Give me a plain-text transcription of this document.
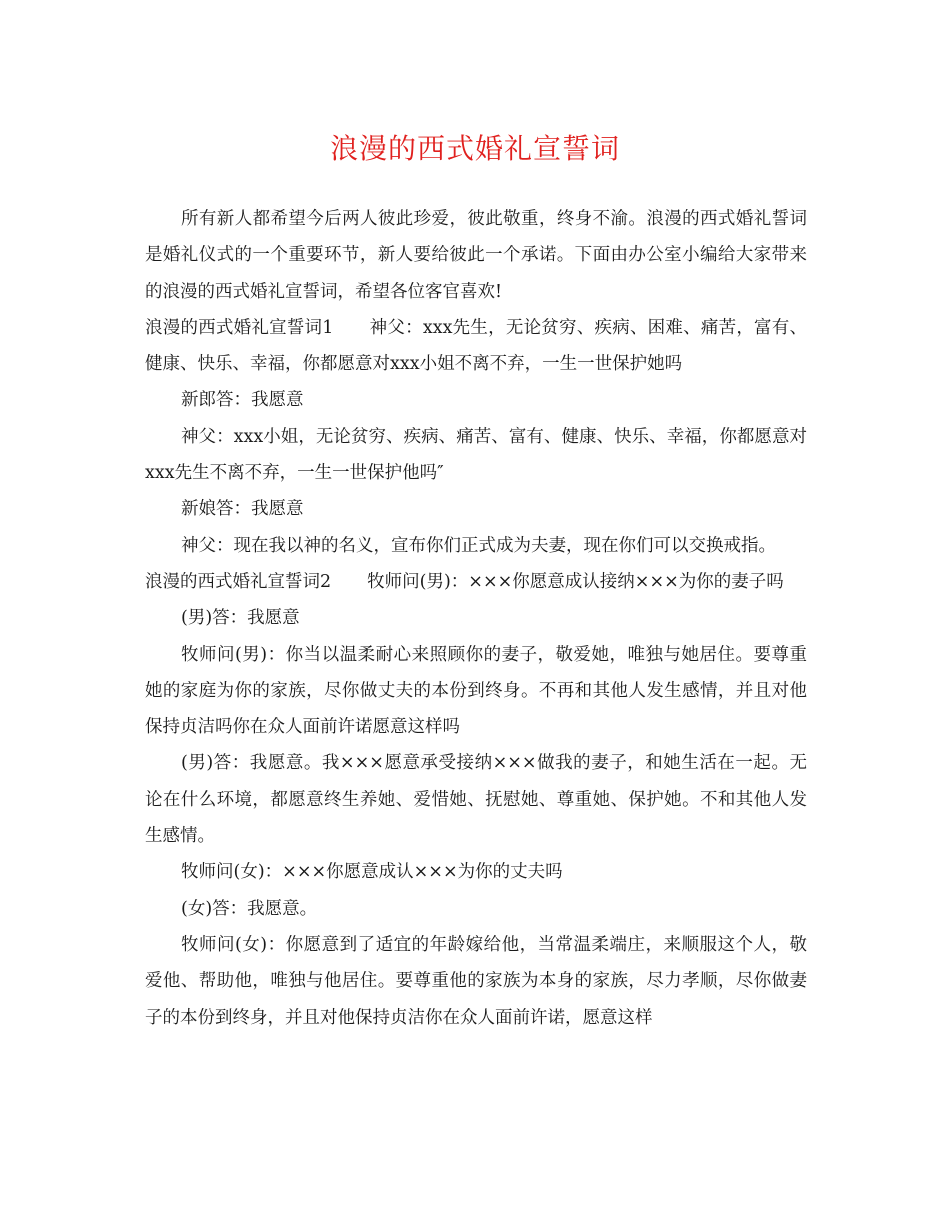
浪漫的西式婚礼宣誓词

所有新人都希望今后两人彼此珍爱，彼此敬重，终身不渝。浪漫的西式婚礼誓词是婚礼仪式的一个重要环节，新人要给彼此一个承诺。下面由办公室小编给大家带来的浪漫的西式婚礼宣誓词，希望各位客官喜欢!

浪漫的西式婚礼宣誓词1 神父：xxx先生，无论贫穷、疾病、困难、痛苦，富有、健康、快乐、幸福，你都愿意对xxx小姐不离不弃，一生一世保护她吗

新郎答：我愿意

神父：xxx小姐，无论贫穷、疾病、痛苦、富有、健康、快乐、幸福，你都愿意对xxx先生不离不弃，一生一世保护他吗″

新娘答：我愿意

神父：现在我以神的名义，宣布你们正式成为夫妻，现在你们可以交换戒指。

浪漫的西式婚礼宣誓词2 牧师问(男)：×××你愿意成认接纳×××为你的妻子吗

(男)答：我愿意

牧师问(男)：你当以温柔耐心来照顾你的妻子，敬爱她，唯独与她居住。要尊重她的家庭为你的家族，尽你做丈夫的本份到终身。不再和其他人发生感情，并且对他保持贞洁吗你在众人面前许诺愿意这样吗

(男)答：我愿意。我×××愿意承受接纳×××做我的妻子，和她生活在一起。无论在什么环境，都愿意终生养她、爱惜她、抚慰她、尊重她、保护她。不和其他人发生感情。

牧师问(女)：×××你愿意成认×××为你的丈夫吗

(女)答：我愿意。

牧师问(女)：你愿意到了适宜的年龄嫁给他，当常温柔端庄，来顺服这个人，敬爱他、帮助他，唯独与他居住。要尊重他的家族为本身的家族，尽力孝顺，尽你做妻子的本份到终身，并且对他保持贞洁你在众人面前许诺，愿意这样
